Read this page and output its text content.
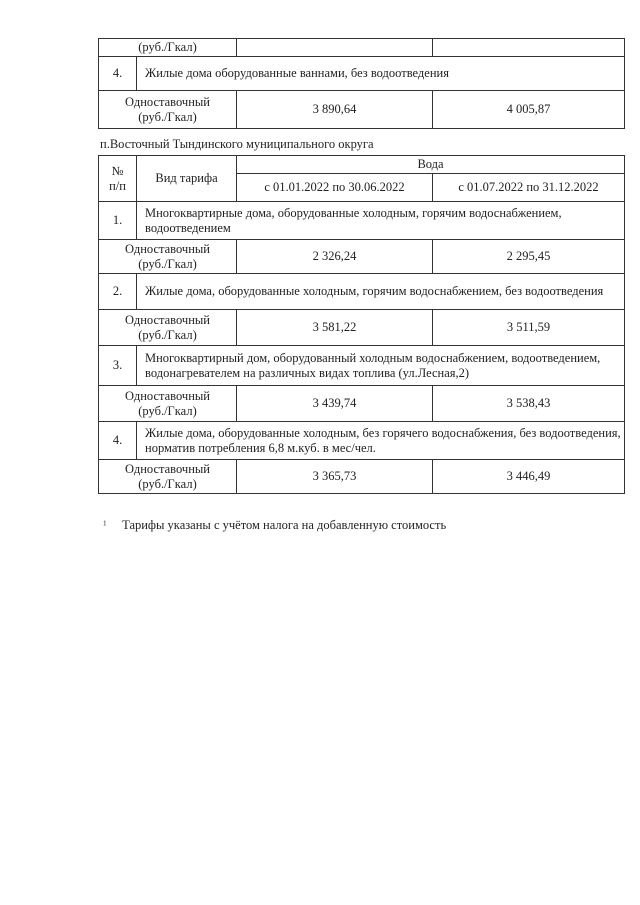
(руб./Гкал)			

4.	Жилые дома оборудованные ваннами, без водоотведения		

Одноставочный
(руб./Гкал)		3 890,64	4 005,87
п.Восточный Тындинского муниципального округа
№
п/п	Вид тарифа	Вода	
		с 01.01.2022 по 30.06.2022	с 01.07.2022 по 31.12.2022
1.	Многоквартирные дома, оборудованные холодным, горячим водоснабжением, водоотведением		

Одноставочный
(руб./Гкал)		2 326,24	2 295,45
2.	Жилые дома, оборудованные холодным, горячим водоснабжением, без водоотведения		

Одноставочный
(руб./Гкал)		3 581,22	3 511,59
3.	Многоквартирный дом, оборудованный холодным водоснабжением, водоотведением, водонагревателем на различных видах топлива (ул.Лесная,2)		

Одноставочный
(руб./Гкал)		3 439,74	3 538,43
4.	Жилые дома, оборудованные холодным, без горячего водоснабжения, без водоотведения, норматив потребления 6,8 м.куб. в мес/чел.		

Одноставочный
(руб./Гкал)		3 365,73	3 446,49
¹ Тарифы указаны с учётом налога на добавленную стоимость
